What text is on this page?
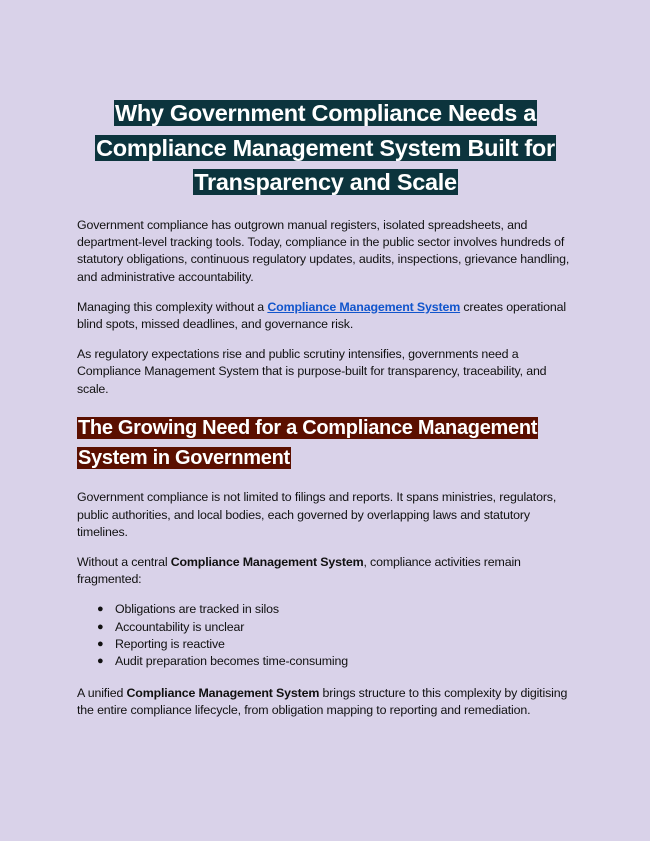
Why Government Compliance Needs a Compliance Management System Built for Transparency and Scale

Government compliance has outgrown manual registers, isolated spreadsheets, and department-level tracking tools. Today, compliance in the public sector involves hundreds of statutory obligations, continuous regulatory updates, audits, inspections, grievance handling, and administrative accountability.

Managing this complexity without a Compliance Management System creates operational blind spots, missed deadlines, and governance risk.

As regulatory expectations rise and public scrutiny intensifies, governments need a Compliance Management System that is purpose-built for transparency, traceability, and scale.

The Growing Need for a Compliance Management System in Government

Government compliance is not limited to filings and reports. It spans ministries, regulators, public authorities, and local bodies, each governed by overlapping laws and statutory timelines.

Without a central Compliance Management System, compliance activities remain fragmented:

● Obligations are tracked in silos
● Accountability is unclear
● Reporting is reactive
● Audit preparation becomes time-consuming

A unified Compliance Management System brings structure to this complexity by digitising the entire compliance lifecycle, from obligation mapping to reporting and remediation.
